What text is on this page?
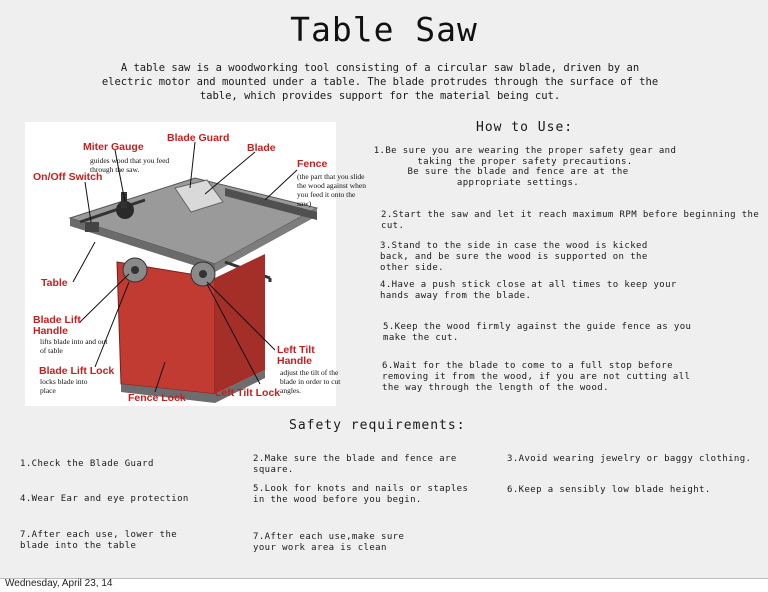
Table Saw
A table saw is a woodworking tool consisting of a circular saw blade, driven by an electric motor and mounted under a table. The blade protrudes through the surface of the table, which provides support for the material being cut.
Miter Gauge
Blade Guard
Blade
On/Off Switch
Fence
Table
Blade Lift Handle
Blade Lift Lock
Fence Lock
Left Tilt Handle
Left Tilt Lock
guides wood that you feed through the saw.
(the part that you slide the wood against when you feed it onto the saw)
lifts blade into and out of table
locks blade into place
adjust the tilt of the blade in order to cut angles.
How to Use:
1.Be sure you are wearing the proper safety gear and taking the proper safety precautions.
Be sure the blade and fence are at the appropriate settings.
2.Start the saw and let it reach maximum RPM before beginning the cut.
3.Stand to the side in case the wood is kicked back, and be sure the wood is supported on the other side.
4.Have a push stick close at all times to keep your hands away from the blade.
5.Keep the wood firmly against the guide fence as you make the cut.
6.Wait for the blade to come to a full stop before removing it from the wood, if you are not cutting all the way through the length of the wood.
Safety requirements:
1.Check the Blade Guard	2.Make sure the blade and fence are square.
3.Avoid wearing jewelry or baggy clothing.
4.Wear Ear and eye protection
5.Look for knots and nails or staples in the wood before you begin.
6.Keep a sensibly low blade height.
7.After each use, lower the blade into the table
7.After each use,make sure your work area is clean
Wednesday, April 23, 14
